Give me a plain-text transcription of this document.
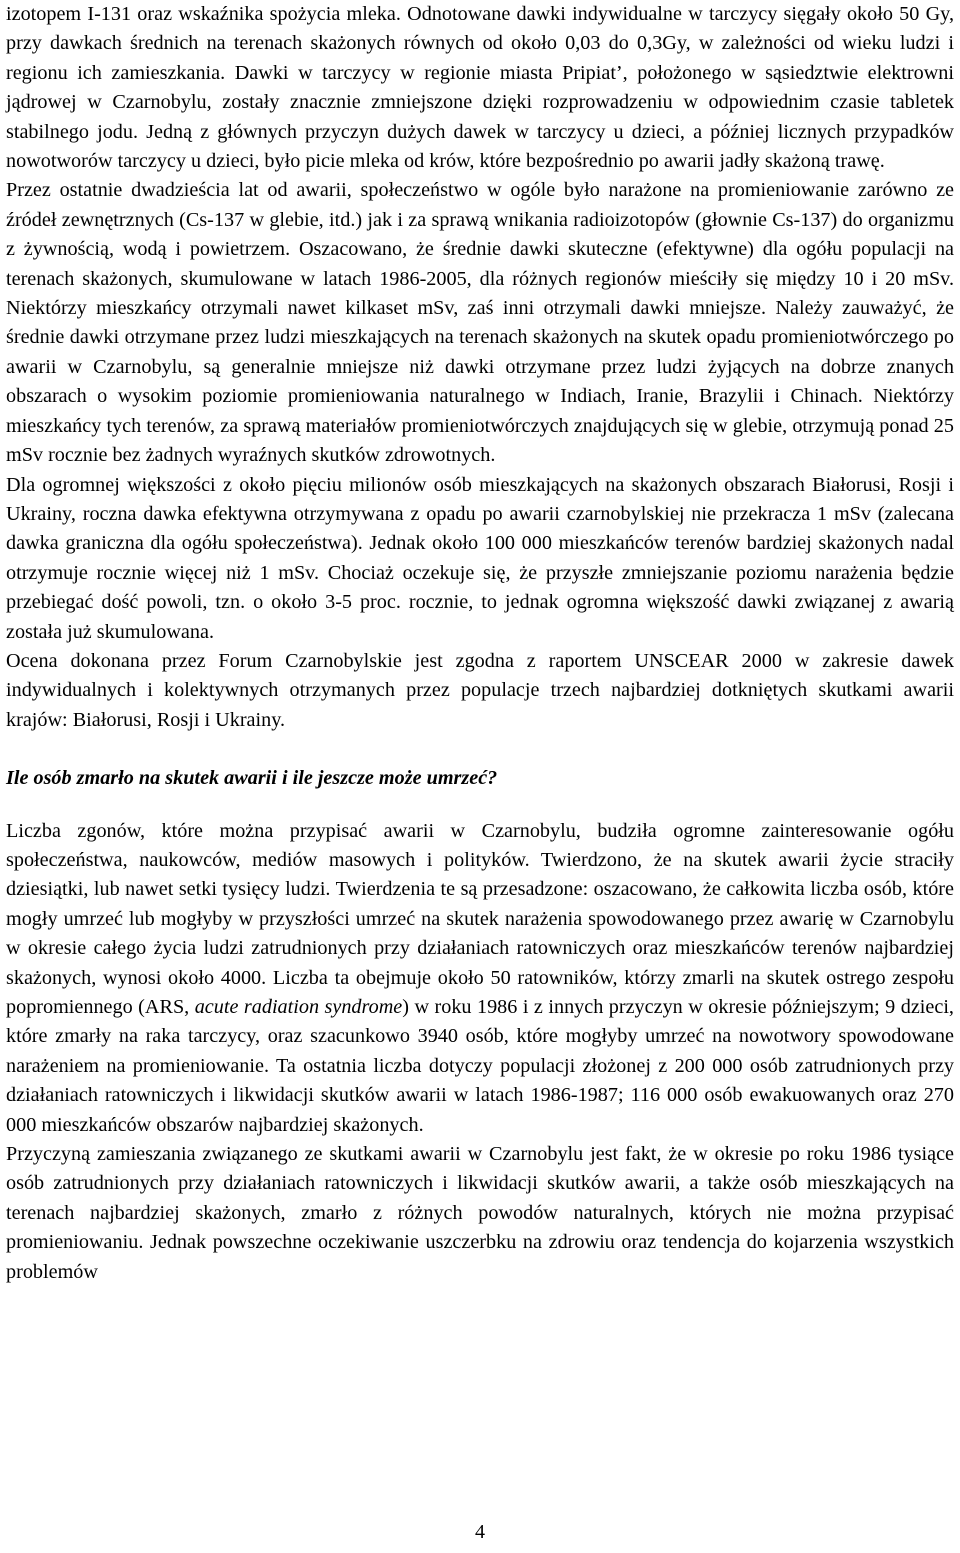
izotopem I-131 oraz wskaźnika spożycia mleka. Odnotowane dawki indywidualne w tarczycy sięgały około 50 Gy, przy dawkach średnich na terenach skażonych równych od około 0,03 do 0,3Gy, w zależności od wieku ludzi i regionu ich zamieszkania. Dawki w tarczycy w regionie miasta Pripiat’, położonego w sąsiedztwie elektrowni jądrowej w Czarnobylu, zostały znacznie zmniejszone dzięki rozprowadzeniu w odpowiednim czasie tabletek stabilnego jodu. Jedną z głównych przyczyn dużych dawek w tarczycy u dzieci, a później licznych przypadków nowotworów tarczycy u dzieci, było picie mleka od krów, które bezpośrednio po awarii jadły skażoną trawę.

Przez ostatnie dwadzieścia lat od awarii, społeczeństwo w ogóle było narażone na promieniowanie zarówno ze źródeł zewnętrznych (Cs-137 w glebie, itd.) jak i za sprawą wnikania radioizotopów (głownie Cs-137) do organizmu z żywnością, wodą i powietrzem. Oszacowano, że średnie dawki skuteczne (efektywne) dla ogółu populacji na terenach skażonych, skumulowane w latach 1986-2005, dla różnych regionów mieściły się między 10 i 20 mSv. Niektórzy mieszkańcy otrzymali nawet kilkaset mSv, zaś inni otrzymali dawki mniejsze. Należy zauważyć, że średnie dawki otrzymane przez ludzi mieszkających na terenach skażonych na skutek opadu promieniotwórczego po awarii w Czarnobylu, są generalnie mniejsze niż dawki otrzymane przez ludzi żyjących na dobrze znanych obszarach o wysokim poziomie promieniowania naturalnego w Indiach, Iranie, Brazylii i Chinach. Niektórzy mieszkańcy tych terenów, za sprawą materiałów promieniotwórczych znajdujących się w glebie, otrzymują ponad 25 mSv rocznie bez żadnych wyraźnych skutków zdrowotnych.

Dla ogromnej większości z około pięciu milionów osób mieszkających na skażonych obszarach Białorusi, Rosji i Ukrainy, roczna dawka efektywna otrzymywana z opadu po awarii czarnobylskiej nie przekracza 1 mSv (zalecana dawka graniczna dla ogółu społeczeństwa). Jednak około 100 000 mieszkańców terenów bardziej skażonych nadal otrzymuje rocznie więcej niż 1 mSv. Chociaż oczekuje się, że przyszłe zmniejszanie poziomu narażenia będzie przebiegać dość powoli, tzn. o około 3-5 proc. rocznie, to jednak ogromna większość dawki związanej z awarią została już skumulowana.

Ocena dokonana przez Forum Czarnobylskie jest zgodna z raportem UNSCEAR 2000 w zakresie dawek indywidualnych i kolektywnych otrzymanych przez populacje trzech najbardziej dotkniętych skutkami awarii krajów: Białorusi, Rosji i Ukrainy.

Ile osób zmarło na skutek awarii i ile jeszcze może umrzeć?

Liczba zgonów, które można przypisać awarii w Czarnobylu, budziła ogromne zainteresowanie ogółu społeczeństwa, naukowców, mediów masowych i polityków. Twierdzono, że na skutek awarii życie straciły dziesiątki, lub nawet setki tysięcy ludzi. Twierdzenia te są przesadzone: oszacowano, że całkowita liczba osób, które mogły umrzeć lub mogłyby w przyszłości umrzeć na skutek narażenia spowodowanego przez awarię w Czarnobylu w okresie całego życia ludzi zatrudnionych przy działaniach ratowniczych oraz mieszkańców terenów najbardziej skażonych, wynosi około 4000. Liczba ta obejmuje około 50 ratowników, którzy zmarli na skutek ostrego zespołu popromiennego (ARS, acute radiation syndrome) w roku 1986 i z innych przyczyn w okresie późniejszym; 9 dzieci, które zmarły na raka tarczycy, oraz szacunkowo 3940 osób, które mogłyby umrzeć na nowotwory spowodowane narażeniem na promieniowanie. Ta ostatnia liczba dotyczy populacji złożonej z 200 000 osób zatrudnionych przy działaniach ratowniczych i likwidacji skutków awarii w latach 1986-1987; 116 000 osób ewakuowanych oraz 270 000 mieszkańców obszarów najbardziej skażonych.

Przyczyną zamieszania związanego ze skutkami awarii w Czarnobylu jest fakt, że w okresie po roku 1986 tysiące osób zatrudnionych przy działaniach ratowniczych i likwidacji skutków awarii, a także osób mieszkających na terenach najbardziej skażonych, zmarło z różnych powodów naturalnych, których nie można przypisać promieniowaniu. Jednak powszechne oczekiwanie uszczerbku na zdrowiu oraz tendencja do kojarzenia wszystkich problemów

4
